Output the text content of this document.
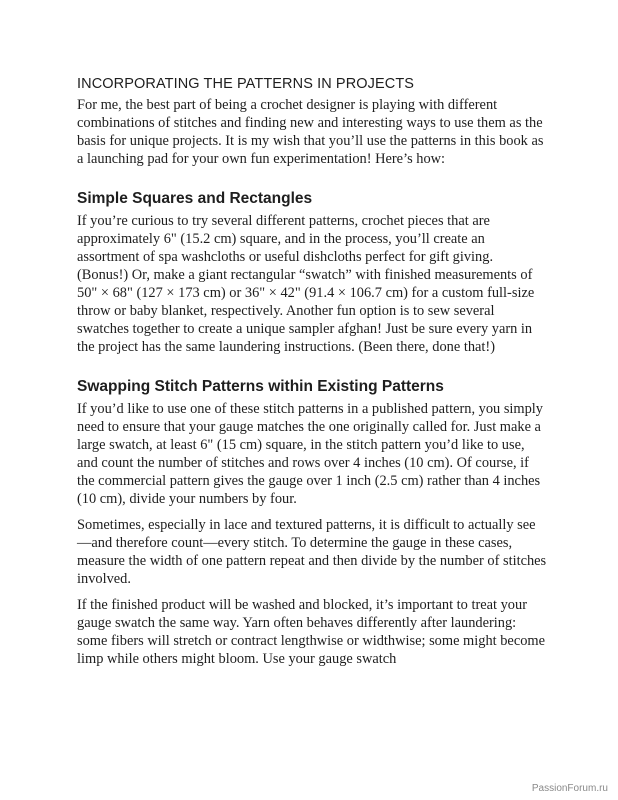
INCORPORATING THE PATTERNS IN PROJECTS

For me, the best part of being a crochet designer is playing with different combinations of stitches and finding new and interesting ways to use them as the basis for unique projects. It is my wish that you’ll use the patterns in this book as a launching pad for your own fun experimentation! Here’s how:

Simple Squares and Rectangles

If you’re curious to try several different patterns, crochet pieces that are approximately 6" (15.2 cm) square, and in the process, you’ll create an assortment of spa washcloths or useful dishcloths perfect for gift giving. (Bonus!) Or, make a giant rectangular “swatch” with finished measurements of 50" × 68" (127 × 173 cm) or 36" × 42" (91.4 × 106.7 cm) for a custom full-size throw or baby blanket, respectively. Another fun option is to sew several swatches together to create a unique sampler afghan! Just be sure every yarn in the project has the same laundering instructions. (Been there, done that!)

Swapping Stitch Patterns within Existing Patterns

If you’d like to use one of these stitch patterns in a published pattern, you simply need to ensure that your gauge matches the one originally called for. Just make a large swatch, at least 6" (15 cm) square, in the stitch pattern you’d like to use, and count the number of stitches and rows over 4 inches (10 cm). Of course, if the commercial pattern gives the gauge over 1 inch (2.5 cm) rather than 4 inches (10 cm), divide your numbers by four.

Sometimes, especially in lace and textured patterns, it is difficult to actually see—and therefore count—every stitch. To determine the gauge in these cases, measure the width of one pattern repeat and then divide by the number of stitches involved.

If the finished product will be washed and blocked, it’s important to treat your gauge swatch the same way. Yarn often behaves differently after laundering: some fibers will stretch or contract lengthwise or widthwise; some might become limp while others might bloom. Use your gauge swatch

PassionForum.ru
